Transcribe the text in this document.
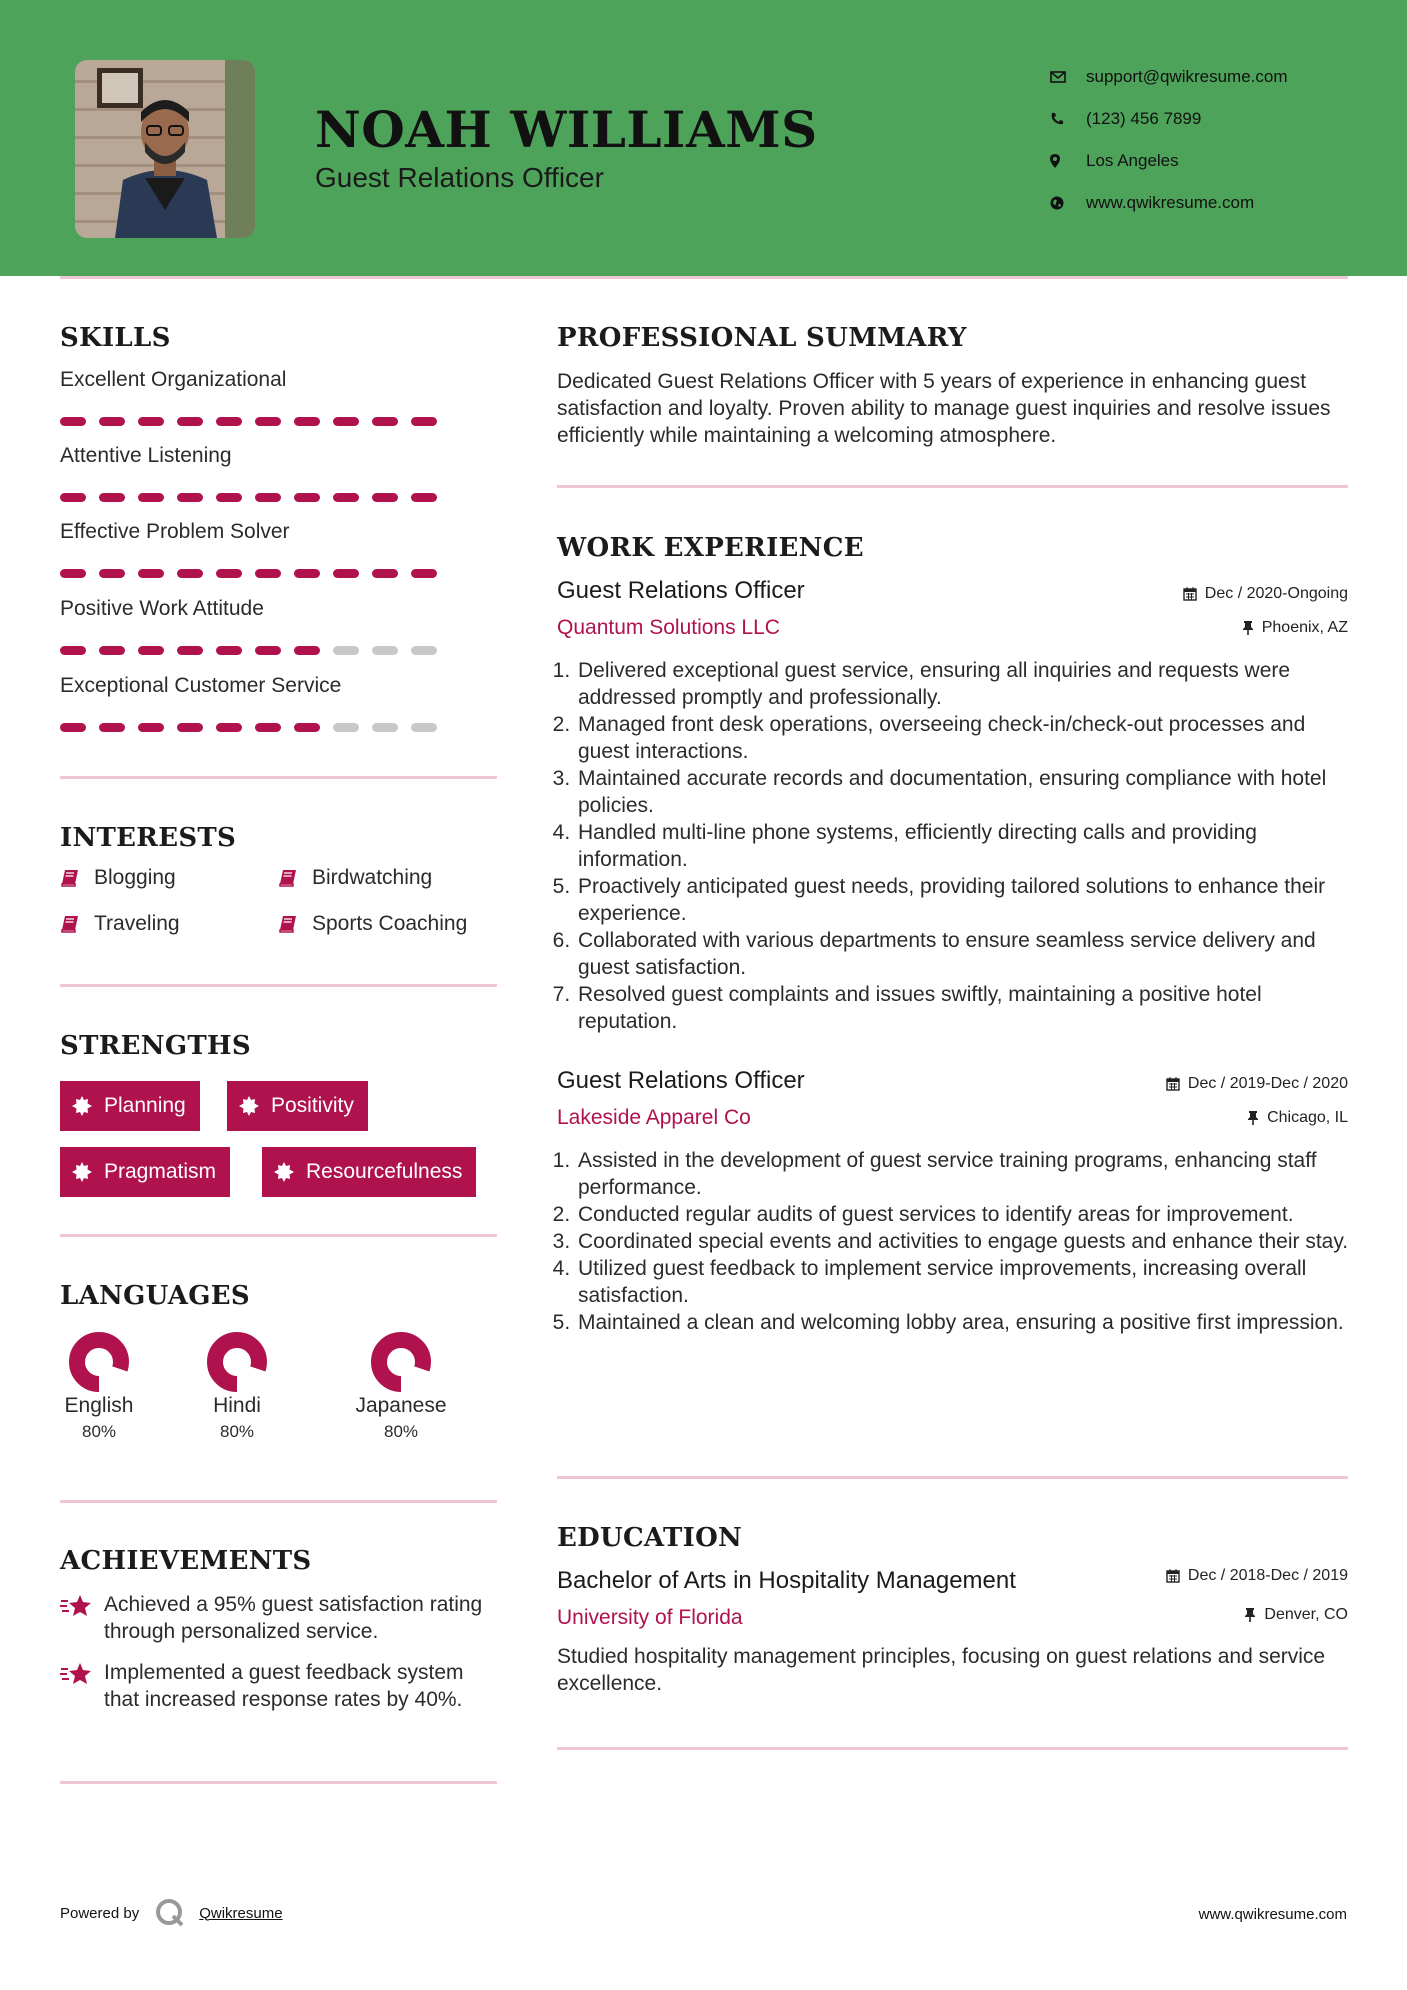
NOAH WILLIAMS
Guest Relations Officer
support@qwikresume.com
(123) 456 7899
Los Angeles
www.qwikresume.com
SKILLS
Excellent Organizational
Attentive Listening
Effective Problem Solver
Positive Work Attitude
Exceptional Customer Service
INTERESTS
Blogging	Birdwatching
Traveling	Sports Coaching
STRENGTHS
Planning	Positivity
Pragmatism	Resourcefulness
LANGUAGES
English
80%
Hindi
80%
Japanese
80%
ACHIEVEMENTS
Achieved a 95% guest satisfaction rating through personalized service.
Implemented a guest feedback system that increased response rates by 40%.
PROFESSIONAL SUMMARY
Dedicated Guest Relations Officer with 5 years of experience in enhancing guest satisfaction and loyalty. Proven ability to manage guest inquiries and resolve issues efficiently while maintaining a welcoming atmosphere.
WORK EXPERIENCE
Guest Relations Officer	Dec / 2020-Ongoing
Quantum Solutions LLC	Phoenix, AZ
1. Delivered exceptional guest service, ensuring all inquiries and requests were addressed promptly and professionally.
2. Managed front desk operations, overseeing check-in/check-out processes and guest interactions.
3. Maintained accurate records and documentation, ensuring compliance with hotel policies.
4. Handled multi-line phone systems, efficiently directing calls and providing information.
5. Proactively anticipated guest needs, providing tailored solutions to enhance their experience.
6. Collaborated with various departments to ensure seamless service delivery and guest satisfaction.
7. Resolved guest complaints and issues swiftly, maintaining a positive hotel reputation.
Guest Relations Officer	Dec / 2019-Dec / 2020
Lakeside Apparel Co	Chicago, IL
1. Assisted in the development of guest service training programs, enhancing staff performance.
2. Conducted regular audits of guest services to identify areas for improvement.
3. Coordinated special events and activities to engage guests and enhance their stay.
4. Utilized guest feedback to implement service improvements, increasing overall satisfaction.
5. Maintained a clean and welcoming lobby area, ensuring a positive first impression.
EDUCATION
Bachelor of Arts in Hospitality Management	Dec / 2018-Dec / 2019
University of Florida	Denver, CO
Studied hospitality management principles, focusing on guest relations and service excellence.
Powered by	Qwikresume	www.qwikresume.com
